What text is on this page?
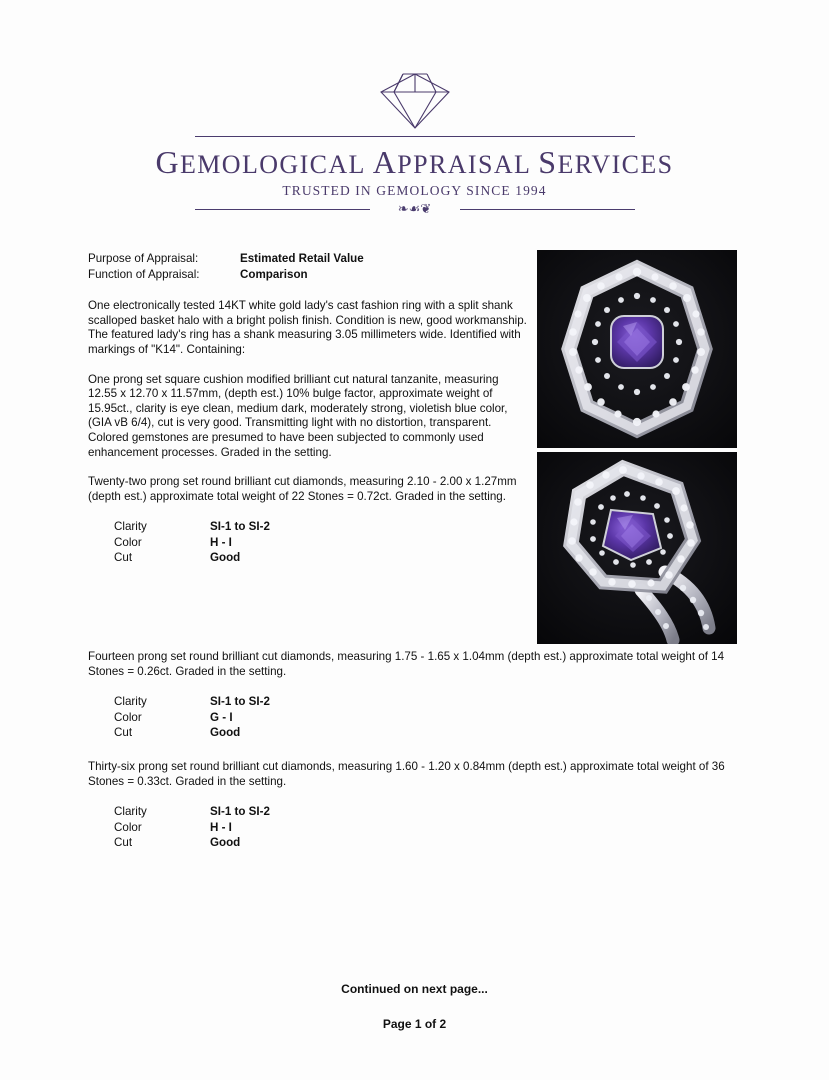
GEMOLOGICAL APPRAISAL SERVICES
TRUSTED IN GEMOLOGY SINCE 1994
❧☙❦
Purpose of Appraisal:	Estimated Retail Value
Function of Appraisal:	Comparison

One electronically tested 14KT white gold lady's cast fashion ring with a split shank scalloped basket halo with a bright polish finish. Condition is new, good workmanship. The featured lady's ring has a shank measuring 3.05 millimeters wide. Identified with markings of "K14". Containing:

One prong set square cushion modified brilliant cut natural tanzanite, measuring 12.55 x 12.70 x 11.57mm, (depth est.) 10% bulge factor, approximate weight of 15.95ct., clarity is eye clean, medium dark, moderately strong, violetish blue color, (GIA vB 6/4), cut is very good. Transmitting light with no distortion, transparent. Colored gemstones are presumed to have been subjected to commonly used enhancement processes. Graded in the setting.

Twenty-two prong set round brilliant cut diamonds, measuring 2.10 - 2.00 x 1.27mm (depth est.) approximate total weight of 22 Stones = 0.72ct. Graded in the setting.

Clarity	SI-1 to SI-2
Color	H - I
Cut	Good

Fourteen prong set round brilliant cut diamonds, measuring 1.75 - 1.65 x 1.04mm (depth est.) approximate total weight of 14 Stones = 0.26ct. Graded in the setting.

Clarity	SI-1 to SI-2
Color	G - I
Cut	Good

Thirty-six prong set round brilliant cut diamonds, measuring 1.60 - 1.20 x 0.84mm (depth est.) approximate total weight of 36 Stones = 0.33ct. Graded in the setting.

Clarity	SI-1 to SI-2
Color	H - I
Cut	Good
Continued on next page...
Page 1 of 2
